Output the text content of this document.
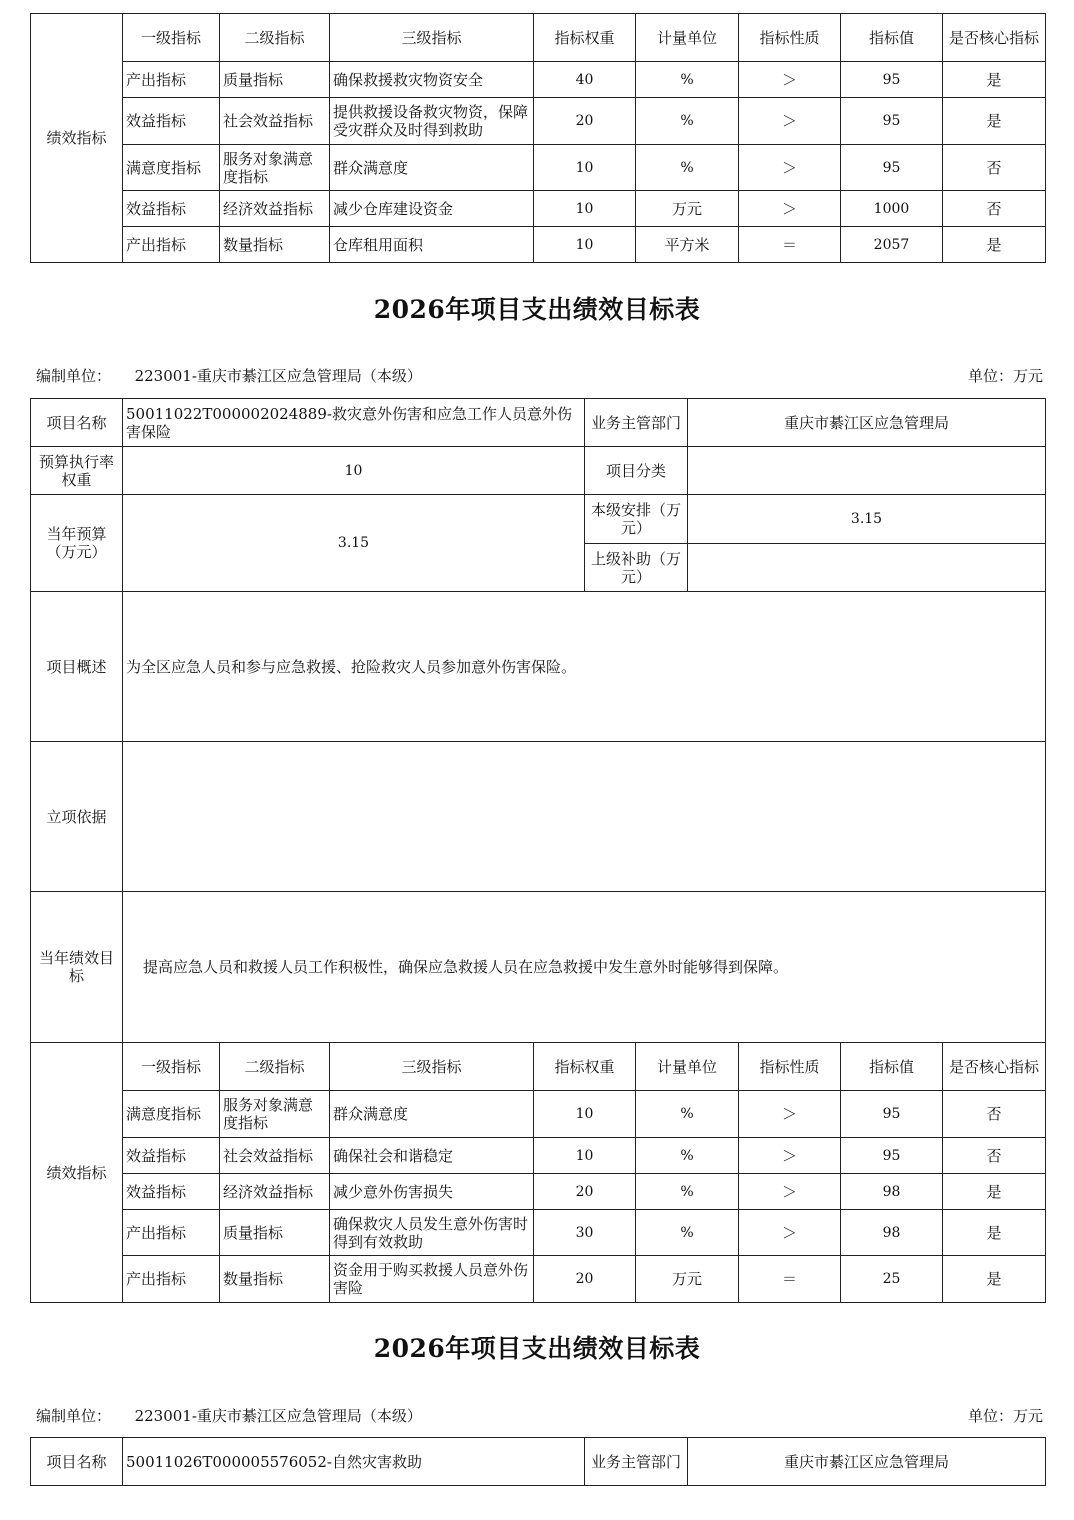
绩效指标	一级指标	二级指标	三级指标	指标权重	计量单位	指标性质	指标值	是否核心指标
	产出指标	质量指标	确保救援救灾物资安全	40	%	＞	95	是
	效益指标	社会效益指标	提供救援设备救灾物资，保障受灾群众及时得到救助	20	%	＞	95	是
	满意度指标	服务对象满意度指标	群众满意度	10	%	＞	95	否
	效益指标	经济效益指标	减少仓库建设资金	10	万元	＞	1000	否
	产出指标	数量指标	仓库租用面积	10	平方米	＝	2057	是
2026年项目支出绩效目标表
编制单位： 223001-重庆市綦江区应急管理局（本级）	单位：万元
项目名称	50011022T000002024889-救灾意外伤害和应急工作人员意外伤害保险	业务主管部门	重庆市綦江区应急管理局
预算执行率权重	10	项目分类	
当年预算（万元）	3.15	本级安排（万元）	3.15
		上级补助（万元）	
项目概述	为全区应急人员和参与应急救援、抢险救灾人员参加意外伤害保险。		
立项依据			
当年绩效目标	提高应急人员和救援人员工作积极性，确保应急救援人员在应急救援中发生意外时能够得到保障。		
绩效指标	一级指标	二级指标	三级指标	指标权重	计量单位	指标性质	指标值	是否核心指标
	满意度指标	服务对象满意度指标	群众满意度	10	%	＞	95	否
	效益指标	社会效益指标	确保社会和谐稳定	10	%	＞	95	否
	效益指标	经济效益指标	减少意外伤害损失	20	%	＞	98	是
	产出指标	质量指标	确保救灾人员发生意外伤害时得到有效救助	30	%	＞	98	是
	产出指标	数量指标	资金用于购买救援人员意外伤害险	20	万元	＝	25	是
2026年项目支出绩效目标表
编制单位： 223001-重庆市綦江区应急管理局（本级）	单位：万元
项目名称	50011026T000005576052-自然灾害救助	业务主管部门	重庆市綦江区应急管理局
